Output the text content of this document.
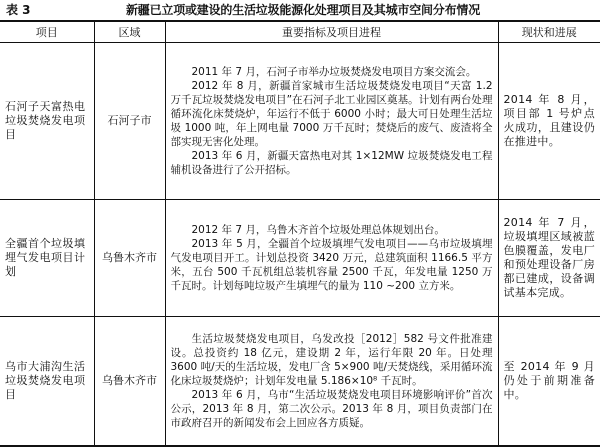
表 3	新疆已立项或建设的生活垃圾能源化处理项目及其城市空间分布情况
项目	区域	重要指标及项目进程	现状和进展
石河子天富热电垃圾焚烧发电项目	石河子市	2011 年 7 月，石河子市举办垃圾焚烧发电项目方案交流会。

2012 年 8 月，新疆首家城市生活垃圾焚烧发电项目“天富 1.2 万千瓦垃圾焚烧发电项目”在石河子北工业园区奠基。计划有两台处理循环流化床焚烧炉，年运行不低于 6000 小时；最大可日处理生活垃圾 1000 吨，年上网电量 7000 万千瓦时；焚烧后的废气、废渣将全部实现无害化处理。

2013 年 6 月，新疆天富热电对其 1×12MW 垃圾焚烧发电工程辅机设备进行了公开招标。	2014 年 8 月，项目部 1 号炉点火成功，且建设仍在推进中。
全疆首个垃圾填埋气发电项目计划	乌鲁木齐市	2012 年 7 月，乌鲁木齐首个垃圾处理总体规划出台。

2013 年 5 月，全疆首个垃圾填埋气发电项目——乌市垃圾填埋气发电项目开工。计划总投资 3420 万元，总建筑面积 1166.5 平方米，五台 500 千瓦机组总装机容量 2500 千瓦，年发电量 1250 万千瓦时。计划每吨垃圾产生填埋气的量为 110 ~200 立方米。	2014 年 7 月，垃圾填埋区域被蓝色膜覆盖，发电厂和预处理设备厂房都已建成，设备调试基本完成。
乌市大浦沟生活垃圾焚烧发电项目	乌鲁木齐市	生活垃圾焚烧发电项目，乌发改投［2012］582 号文件批准建设。总投资约 18 亿元，建设期 2 年，运行年限 20 年。日处理 3600 吨/天的生活垃圾，发电厂含 5×900 吨/天焚烧线，采用循环流化床垃圾焚烧炉；计划年发电量 5.186×10⁸ 千瓦时。

2013 年 6 月，乌市“生活垃圾焚烧发电项目环境影响评价”首次公示，2013 年 8 月，第二次公示。2013 年 8 月，项目负责部门在市政府召开的新闻发布会上回应各方质疑。	至 2014 年 9 月仍处于前期准备中。
